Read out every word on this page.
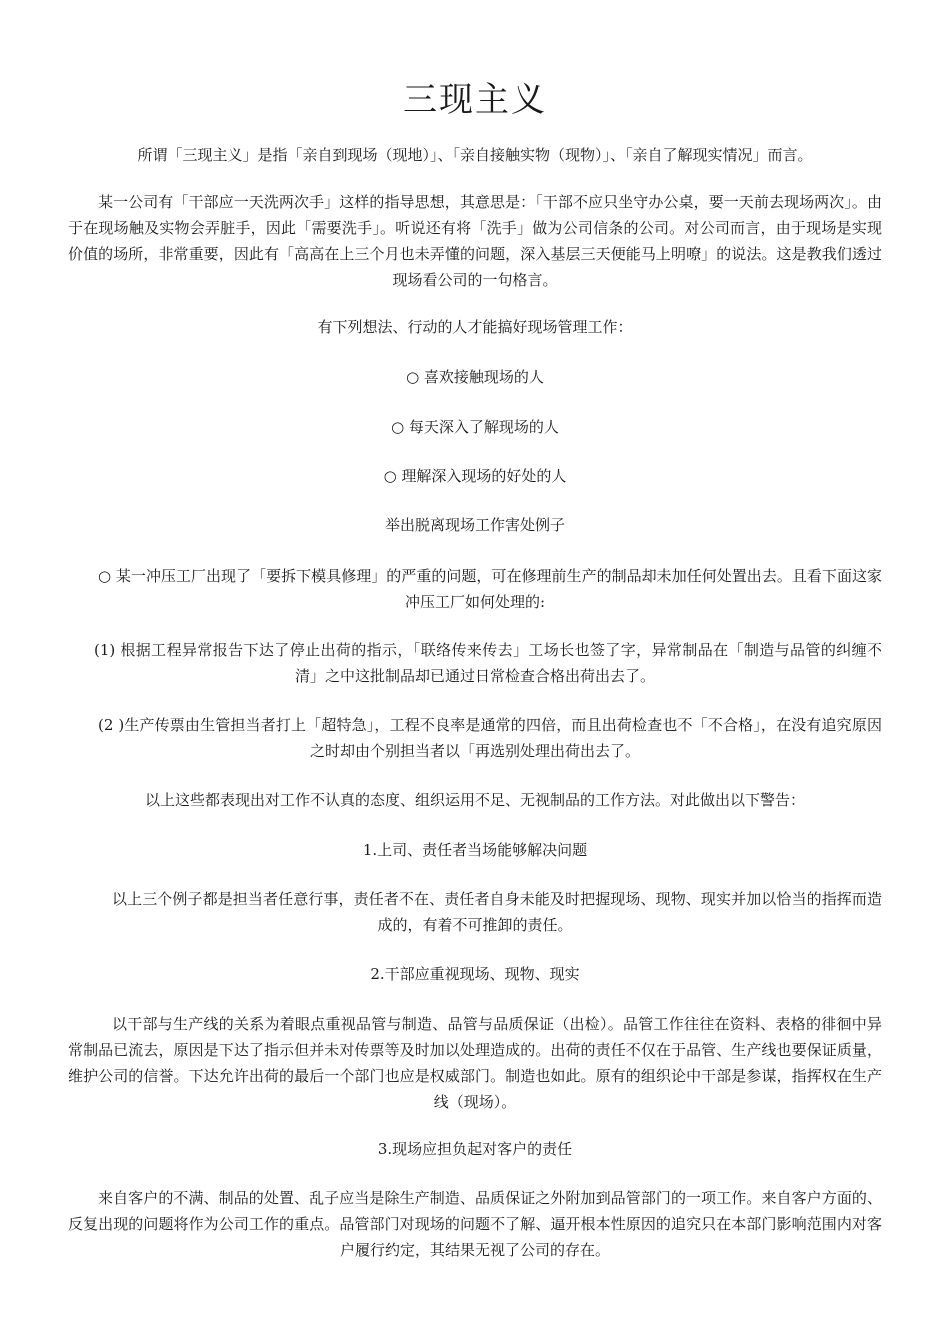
三现主义

所谓「三现主义」是指「亲自到现场（现地）」、「亲自接触实物（现物）」、「亲自了解现实情况」而言。

某一公司有「干部应一天洗两次手」这样的指导思想，其意思是：「干部不应只坐守办公桌，要一天前去现场两次」。由于在现场触及实物会弄脏手，因此「需要洗手」。听说还有将「洗手」做为公司信条的公司。对公司而言，由于现场是实现价值的场所，非常重要，因此有「高高在上三个月也未弄懂的问题，深入基层三天便能马上明嘹」的说法。这是教我们透过现场看公司的一句格言。

有下列想法、行动的人才能搞好现场管理工作：

○ 喜欢接触现场的人

○ 每天深入了解现场的人

○ 理解深入现场的好处的人

举出脱离现场工作害处例子

○ 某一冲压工厂出现了「要拆下模具修理」的严重的问题，可在修理前生产的制品却未加任何处置出去。且看下面这家冲压工厂如何处理的:

(1) 根据工程异常报告下达了停止出荷的指示，「联络传来传去」工场长也签了字，异常制品在「制造与品管的纠缠不清」之中这批制品却已通过日常检查合格出荷出去了。

(2 )生产传票由生管担当者打上「超特急」，工程不良率是通常的四倍，而且出荷检查也不「不合格」，在没有追究原因之时却由个别担当者以「再选别处理出荷出去了。

以上这些都表现出对工作不认真的态度、组织运用不足、无视制品的工作方法。对此做出以下警告：

1.上司、责任者当场能够解决问题

以上三个例子都是担当者任意行事，责任者不在、责任者自身未能及时把握现场、现物、现实并加以恰当的指挥而造成的，有着不可推卸的责任。

2.干部应重视现场、现物、现实

以干部与生产线的关系为着眼点重视品管与制造、品管与品质保证（出检）。品管工作往往在资料、表格的徘徊中异常制品已流去，原因是下达了指示但并未对传票等及时加以处理造成的。出荷的责任不仅在于品管、生产线也要保证质量，维护公司的信誉。下达允许出荷的最后一个部门也应是权威部门。制造也如此。原有的组织论中干部是参谋，指挥权在生产线（现场）。

3.现场应担负起对客户的责任

来自客户的不满、制品的处置、乱子应当是除生产制造、品质保证之外附加到品管部门的一项工作。来自客户方面的、反复出现的问题将作为公司工作的重点。品管部门对现场的问题不了解、逼开根本性原因的追究只在本部门影响范围内对客户履行约定，其结果无视了公司的存在。
